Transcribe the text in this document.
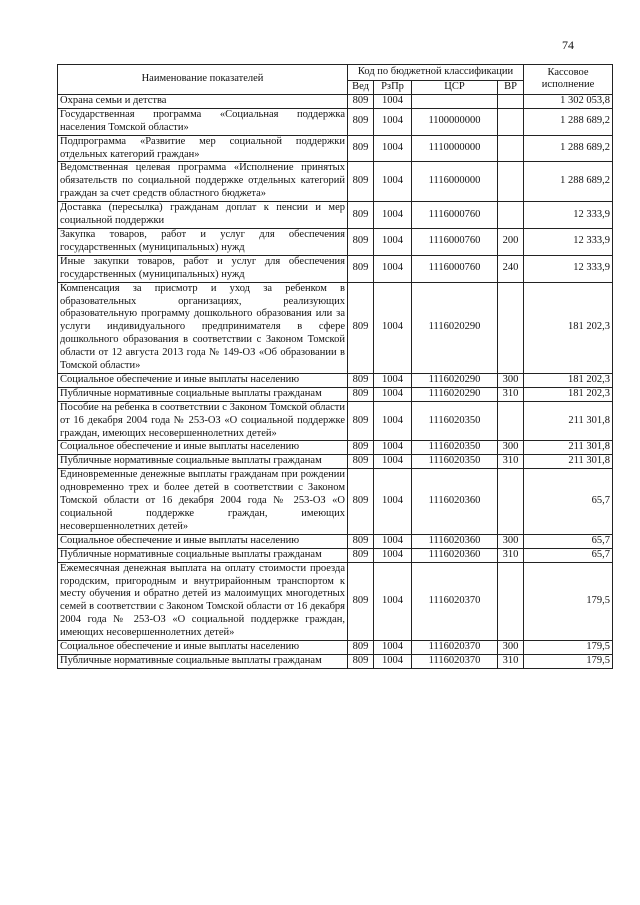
74
Наименование показателей	Код по бюджетной классификации				Кассовое исполнение
	Вед	РзПр	ЦСР	ВР	
Охрана семьи и детства	809	1004			1 302 053,8
Государственная программа «Социальная поддержка населения Томской области»	809	1004	1100000000		1 288 689,2
Подпрограмма «Развитие мер социальной поддержки отдельных категорий граждан»	809	1004	1110000000		1 288 689,2
Ведомственная целевая программа «Исполнение принятых обязательств по социальной поддержке отдельных категорий граждан за счет средств областного бюджета»	809	1004	1116000000		1 288 689,2
Доставка (пересылка) гражданам доплат к пенсии и мер социальной поддержки	809	1004	1116000760		12 333,9
Закупка товаров, работ и услуг для обеспечения государственных (муниципальных) нужд	809	1004	1116000760	200	12 333,9
Иные закупки товаров, работ и услуг для обеспечения государственных (муниципальных) нужд	809	1004	1116000760	240	12 333,9
Компенсация за присмотр и уход за ребенком в образовательных организациях, реализующих образовательную программу дошкольного образования или за услуги индивидуального предпринимателя в сфере дошкольного образования в соответствии с Законом Томской области от 12 августа 2013 года № 149-ОЗ «Об образовании в Томской области»	809	1004	1116020290		181 202,3
Социальное обеспечение и иные выплаты населению	809	1004	1116020290	300	181 202,3
Публичные нормативные социальные выплаты гражданам	809	1004	1116020290	310	181 202,3
Пособие на ребенка в соответствии с Законом Томской области от 16 декабря 2004 года № 253-ОЗ «О социальной поддержке граждан, имеющих несовершеннолетних детей»	809	1004	1116020350		211 301,8
Социальное обеспечение и иные выплаты населению	809	1004	1116020350	300	211 301,8
Публичные нормативные социальные выплаты гражданам	809	1004	1116020350	310	211 301,8
Единовременные денежные выплаты гражданам при рождении одновременно трех и более детей в соответствии с Законом Томской области от 16 декабря 2004 года № 253-ОЗ «О социальной поддержке граждан, имеющих несовершеннолетних детей»	809	1004	1116020360		65,7
Социальное обеспечение и иные выплаты населению	809	1004	1116020360	300	65,7
Публичные нормативные социальные выплаты гражданам	809	1004	1116020360	310	65,7
Ежемесячная денежная выплата на оплату стоимости проезда городским, пригородным и внутрирайонным транспортом к месту обучения и обратно детей из малоимущих многодетных семей в соответствии с Законом Томской области от 16 декабря 2004 года № 253-ОЗ «О социальной поддержке граждан, имеющих несовершеннолетних детей»	809	1004	1116020370		179,5
Социальное обеспечение и иные выплаты населению	809	1004	1116020370	300	179,5
Публичные нормативные социальные выплаты гражданам	809	1004	1116020370	310	179,5
